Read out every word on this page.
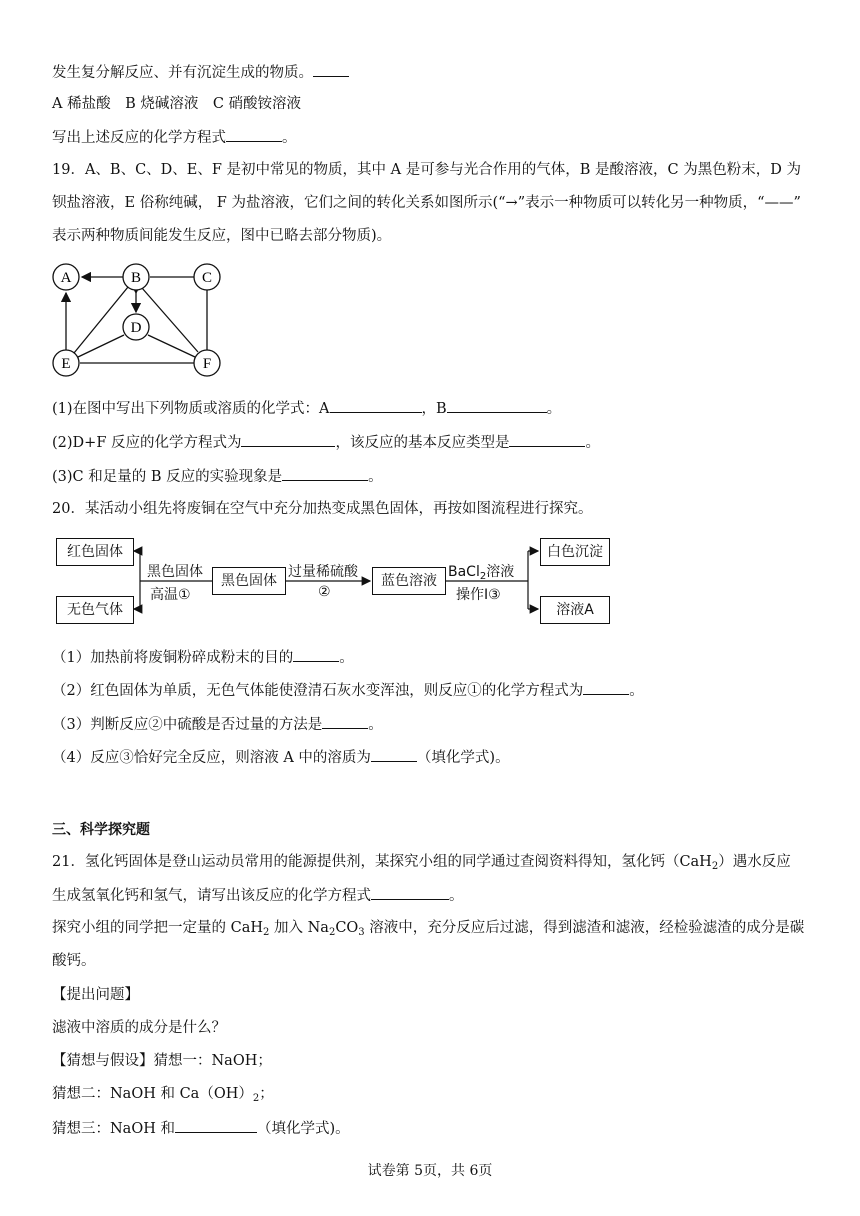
发生复分解反应、并有沉淀生成的物质。
A 稀盐酸　B 烧碱溶液　C 硝酸铵溶液
写出上述反应的化学方程式	。
19．A、B、C、D、E、F 是初中常见的物质，其中 A 是可参与光合作用的气体，B 是酸溶液，C 为黑色粉末，D 为
钡盐溶液，E 俗称纯碱， F 为盐溶液，它们之间的转化关系如图所示(“→”表示一种物质可以转化另一种物质，“——”
表示两种物质间能发生反应，图中已略去部分物质)。
A	B	C
D
E	F
(1)在图中写出下列物质或溶质的化学式：A	，B	。
(2)D+F 反应的化学方程式为	，该反应的基本反应类型是	。
(3)C 和足量的 B 反应的实验现象是	。
20．某活动小组先将废铜在空气中充分加热变成黑色固体，再按如图流程进行探究。
红色固体
无色气体
黑色固体	蓝色溶液
白色沉淀
溶液A
黑色固体
高温①
过量稀硫酸
②
BaCl$_2$溶液
操作Ⅰ③
（1）加热前将废铜粉碎成粉末的目的	。
（2）红色固体为单质，无色气体能使澄清石灰水变浑浊，则反应①的化学方程式为	。
（3）判断反应②中硫酸是否过量的方法是	。
（4）反应③恰好完全反应，则溶液 A 中的溶质为	（填化学式)。
三、科学探究题
21．氢化钙固体是登山运动员常用的能源提供剂，某探究小组的同学通过查阅资料得知，氢化钙（CaH$_2$）遇水反应
生成氢氧化钙和氢气，请写出该反应的化学方程式	。
探究小组的同学把一定量的 CaH$_2$ 加入 $Na_2CO_3$ 溶液中，充分反应后过滤，得到滤渣和滤液，经检验滤渣的成分是碳
酸钙。
【提出问题】
滤液中溶质的成分是什么？
【猜想与假设】猜想一：NaOH；
猜想二：NaOH 和 $Ca(OH)_2$；
猜想三：NaOH 和	（填化学式)。
试卷第 5页，共 6页
